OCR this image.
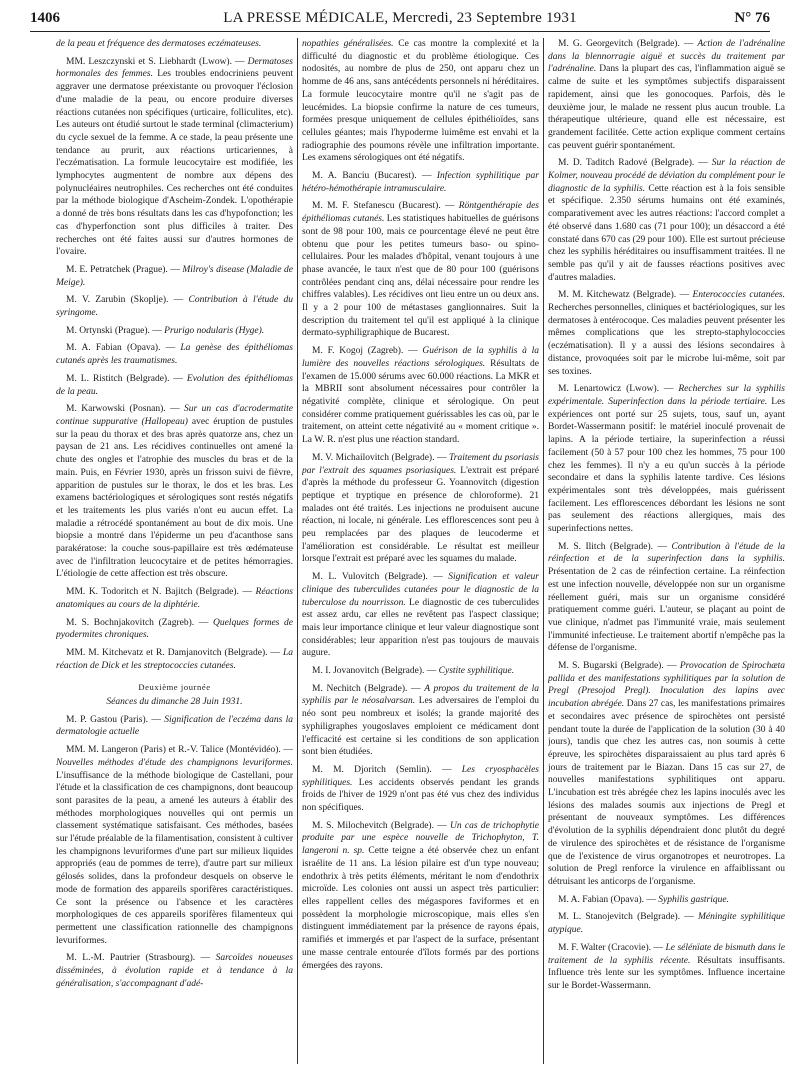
1406	LA PRESSE MÉDICALE, Mercredi, 23 Septembre 1931	N° 76

de la peau et fréquence des dermatoses eczémateuses.

MM. Leszczynski et S. Liebhardt (Lwow). — Dermatoses hormonales des femmes. Les troubles endocriniens peuvent aggraver une dermatose préexistante ou provoquer l'éclosion d'une maladie de la peau, ou encore produire diverses réactions cutanées non spécifiques (urticaire, folliculites, etc). Les auteurs ont étudié surtout le stade terminal (climacterium) du cycle sexuel de la femme. A ce stade, la peau présente une tendance au prurit, aux réactions urticariennes, à l'eczématisation. La formule leucocytaire est modifiée, les lymphocytes augmentent de nombre aux dépens des polynucléaires neutrophiles. Ces recherches ont été conduites par la méthode biologique d'Ascheim-Zondek. L'opothérapie a donné de très bons résultats dans les cas d'hypofonction; les cas d'hyperfonction sont plus difficiles à traiter. Des recherches ont été faites aussi sur d'autres hormones de l'ovaire.

M. E. Petratchek (Prague). — Milroy's disease (Maladie de Meige).

M. V. Zarubin (Skoplje). — Contribution à l'étude du syringome.

M. Ortynski (Prague). — Prurigo nodularis (Hyge).

M. A. Fabian (Opava). — La genèse des épithéliomas cutanés après les traumatismes.

M. L. Ristitch (Belgrade). — Evolution des épithéliomas de la peau.

M. Karwowski (Posnan). — Sur un cas d'acrodermatite continue suppurative (Hallopeau) avec éruption de pustules sur la peau du thorax et des bras après quatorze ans, chez un paysan de 21 ans. Les récidives continuelles ont amené la chute des ongles et l'atrophie des muscles du bras et de la main. Puis, en Février 1930, après un frisson suivi de fièvre, apparition de pustules sur le thorax, le dos et les bras. Les examens bactériologiques et sérologiques sont restés négatifs et les traitements les plus variés n'ont eu aucun effet. La maladie a rétrocédé spontanément au bout de dix mois. Une biopsie a montré dans l'épiderme un peu d'acanthose sans parakératose: la couche sous-papillaire est très œdémateuse avec de l'infiltration leucocytaire et de petites hémorragies. L'étiologie de cette affection est très obscure.

MM. K. Todoritch et N. Bajitch (Belgrade). — Réactions anatomiques au cours de la diphtérie.

M. S. Bochnjakovitch (Zagreb). — Quelques formes de pyodermites chroniques.

MM. M. Kitchevatz et R. Damjanovitch (Belgrade). — La réaction de Dick et les streptococcies cutanées.

Deuxième journée
Séances du dimanche 28 Juin 1931.

M. P. Gastou (Paris). — Signification de l'eczéma dans la dermatologie actuelle

MM. M. Langeron (Paris) et R.-V. Talice (Montévidéo). — Nouvelles méthodes d'étude des champignons levuriformes. L'insuffisance de la méthode biologique de Castellani, pour l'étude et la classification de ces champignons, dont beaucoup sont parasites de la peau, a amené les auteurs à établir des méthodes morphologiques nouvelles qui ont permis un classement systématique satisfaisant. Ces méthodes, basées sur l'étude préalable de la filamentisation, consistent à cultiver les champignons levuriformes d'une part sur milieux liquides appropriés (eau de pommes de terre), d'autre part sur milieux gélosés solides, dans la profondeur desquels on observe le mode de formation des appareils sporifères caractéristiques. Ce sont la présence ou l'absence et les caractères morphologiques de ces appareils sporifères filamenteux qui permettent une classification rationnelle des champignons levuriformes.

M. L.-M. Pautrier (Strasbourg). — Sarcoïdes noueuses disséminées, à évolution rapide et à tendance à la généralisation, s'accompagnant d'adé-

nopathies généralisées. Ce cas montre la complexité et la difficulté du diagnostic et du problème étiologique. Ces nodosités, au nombre de plus de 250, ont apparu chez un homme de 46 ans, sans antécédents personnels ni héréditaires. La formule leucocytaire montre qu'il ne s'agit pas de leucémides. La biopsie confirme la nature de ces tumeurs, formées presque uniquement de cellules épithélioïdes, sans cellules géantes; mais l'hypoderme luimême est envahi et la radiographie des poumons révèle une infiltration importante. Les examens sérologiques ont été négatifs.

M. A. Banciu (Bucarest). — Infection syphilitique par hétéro-hémothérapie intramusculaire.

M. M. F. Stefanescu (Bucarest). — Röntgenthérapie des épithéliomas cutanés. Les statistiques habituelles de guérisons sont de 98 pour 100, mais ce pourcentage élevé ne peut être obtenu que pour les petites tumeurs baso- ou spino-cellulaires. Pour les malades d'hôpital, venant toujours à une phase avancée, le taux n'est que de 80 pour 100 (guérisons contrôlées pendant cinq ans, délai nécessaire pour rendre les chiffres valables). Les récidives ont lieu entre un ou deux ans. Il y a 2 pour 100 de métastases ganglionnaires. Suit la description du traitement tel qu'il est appliqué à la clinique dermato-syphiligraphique de Bucarest.

M. F. Kogoj (Zagreb). — Guérison de la syphilis à la lumière des nouvelles réactions sérologiques. Résultats de l'examen de 15.000 sérums avec 60.000 réactions. La MKR et la MBRII sont absolument nécessaires pour contrôler la négativité complète, clinique et sérologique. On peut considérer comme pratiquement guérissables les cas où, par le traitement, on atteint cette négativité au « moment critique ». La W. R. n'est plus une réaction standard.

M. V. Michailovitch (Belgrade). — Traitement du psoriasis par l'extrait des squames psoriasiques. L'extrait est préparé d'après la méthode du professeur G. Yoannovitch (digestion peptique et tryptique en présence de chloroforme). 21 malades ont été traités. Les injections ne produisent aucune réaction, ni locale, ni générale. Les efflorescences sont peu à peu remplacées par des plaques de leucoderme et l'amélioration est considérable. Le résultat est meilleur lorsque l'extrait est préparé avec les squames du malade.

M. L. Vulovitch (Belgrade). — Signification et valeur clinique des tuberculides cutanées pour le diagnostic de la tuberculose du nourrisson. Le diagnostic de ces tuberculides est assez ardu, car elles ne revêtent pas l'aspect classique; mais leur importance clinique et leur valeur diagnostique sont considérables; leur apparition n'est pas toujours de mauvais augure.

M. I. Jovanovitch (Belgrade). — Cystite syphilitique.

M. Nechitch (Belgrade). — A propos du traitement de la syphilis par le néosalvarsan. Les adversaires de l'emploi du néo sont peu nombreux et isolés; la grande majorité des syphiligraphes yougoslaves emploient ce médicament dont l'efficacité est certaine si les conditions de son application sont bien étudiées.

M. M. Djoritch (Semlin). — Les cryosphacèles syphilitiques. Les accidents observés pendant les grands froids de l'hiver de 1929 n'ont pas été vus chez des individus non spécifiques.

M. S. Milochevitch (Belgrade). — Un cas de trichophytie produite par une espèce nouvelle de Trichophyton, T. langeroni n. sp. Cette teigne a été observée chez un enfant israélite de 11 ans. La lésion pilaire est d'un type nouveau; endothrix à très petits éléments, méritant le nom d'endothrix microïde. Les colonies ont aussi un aspect très particulier: elles rappellent celles des mégaspores faviformes et en possèdent la morphologie microscopique, mais elles s'en distinguent immédiatement par la présence de rayons épais, ramifiés et immergés et par l'aspect de la surface, présentant une masse centrale entourée d'îlots formés par des portions émergées des rayons.

M. G. Georgevitch (Belgrade). — Action de l'adrénaline dans la blennorragie aiguë et succès du traitement par l'adrénaline. Dans la plupart des cas, l'inflammation aiguë se calme de suite et les symptômes subjectifs disparaissent rapidement, ainsi que les gonocoques. Parfois, dès le deuxième jour, le malade ne ressent plus aucun trouble. La thérapeutique ultérieure, quand elle est nécessaire, est grandement facilitée. Cette action explique comment certains cas peuvent guérir spontanément.

M. D. Taditch Radové (Belgrade). — Sur la réaction de Kolmer, nouveau procédé de déviation du complément pour le diagnostic de la syphilis. Cette réaction est à la fois sensible et spécifique. 2.350 sérums humains ont été examinés, comparativement avec les autres réactions: l'accord complet a été observé dans 1.680 cas (71 pour 100); un désaccord a été constaté dans 670 cas (29 pour 100). Elle est surtout précieuse chez les syphilis héréditaires ou insuffisamment traitées. Il ne semble pas qu'il y ait de fausses réactions positives avec d'autres maladies.

M. M. Kitchewatz (Belgrade). — Enterococcies cutanées. Recherches personnelles, cliniques et bactériologiques, sur les dermatoses à entérocoque. Ces maladies peuvent présenter les mêmes complications que les strepto-staphylococcies (eczématisation). Il y a aussi des lésions secondaires à distance, provoquées soit par le microbe lui-même, soit par ses toxines.

M. Lenartowicz (Lwow). — Recherches sur la syphilis expérimentale. Superinfection dans la période tertiaire. Les expériences ont porté sur 25 sujets, tous, sauf un, ayant Bordet-Wassermann positif: le matériel inoculé provenait de lapins. A la période tertiaire, la superinfection a réussi facilement (50 à 57 pour 100 chez les hommes, 75 pour 100 chez les femmes). Il n'y a eu qu'un succès à la période secondaire et dans la syphilis latente tardive. Ces lésions expérimentales sont très développées, mais guérissent facilement. Les efflorescences débordant les lésions ne sont pas seulement des réactions allergiques, mais des superinfections nettes.

M. S. Ilitch (Belgrade). — Contribution à l'étude de la réinfection et de la superinfection dans la syphilis. Présentation de 2 cas de réinfection certaine. La réinfection est une infection nouvelle, développée non sur un organisme réellement guéri, mais sur un organisme considéré pratiquement comme guéri. L'auteur, se plaçant au point de vue clinique, n'admet pas l'immunité vraie, mais seulement l'immunité infectieuse. Le traitement abortif n'empêche pas la défense de l'organisme.

M. S. Bugarski (Belgrade). — Provocation de Spirochæta pallida et des manifestations syphilitiques par la solution de Pregl (Presojod Pregl). Inoculation des lapins avec incubation abrégée. Dans 27 cas, les manifestations primaires et secondaires avec présence de spirochètes ont persisté pendant toute la durée de l'application de la solution (30 à 40 jours), tandis que chez les autres cas, non soumis à cette épreuve, les spirochètes disparaissaient au plus tard après 6 jours de traitement par le Biazan. Dans 15 cas sur 27, de nouvelles manifestations syphilitiques ont apparu. L'incubation est très abrégée chez les lapins inoculés avec les lésions des malades soumis aux injections de Pregl et présentant de nouveaux symptômes. Les différences d'évolution de la syphilis dépendraient donc plutôt du degré de virulence des spirochètes et de résistance de l'organisme que de l'existence de virus organotropes et neurotropes. La solution de Pregl renforce la virulence en affaiblissant ou détruisant les anticorps de l'organisme.

M. A. Fabian (Opava). — Syphilis gastrique.

M. L. Stanojevitch (Belgrade). — Méningite syphilitique atypique.

M. F. Walter (Cracovie). — Le sélénïate de bismuth dans le traitement de la syphilis récente. Résultats insuffisants. Influence très lente sur les symptômes. Influence incertaine sur le Bordet-Wassermann.
